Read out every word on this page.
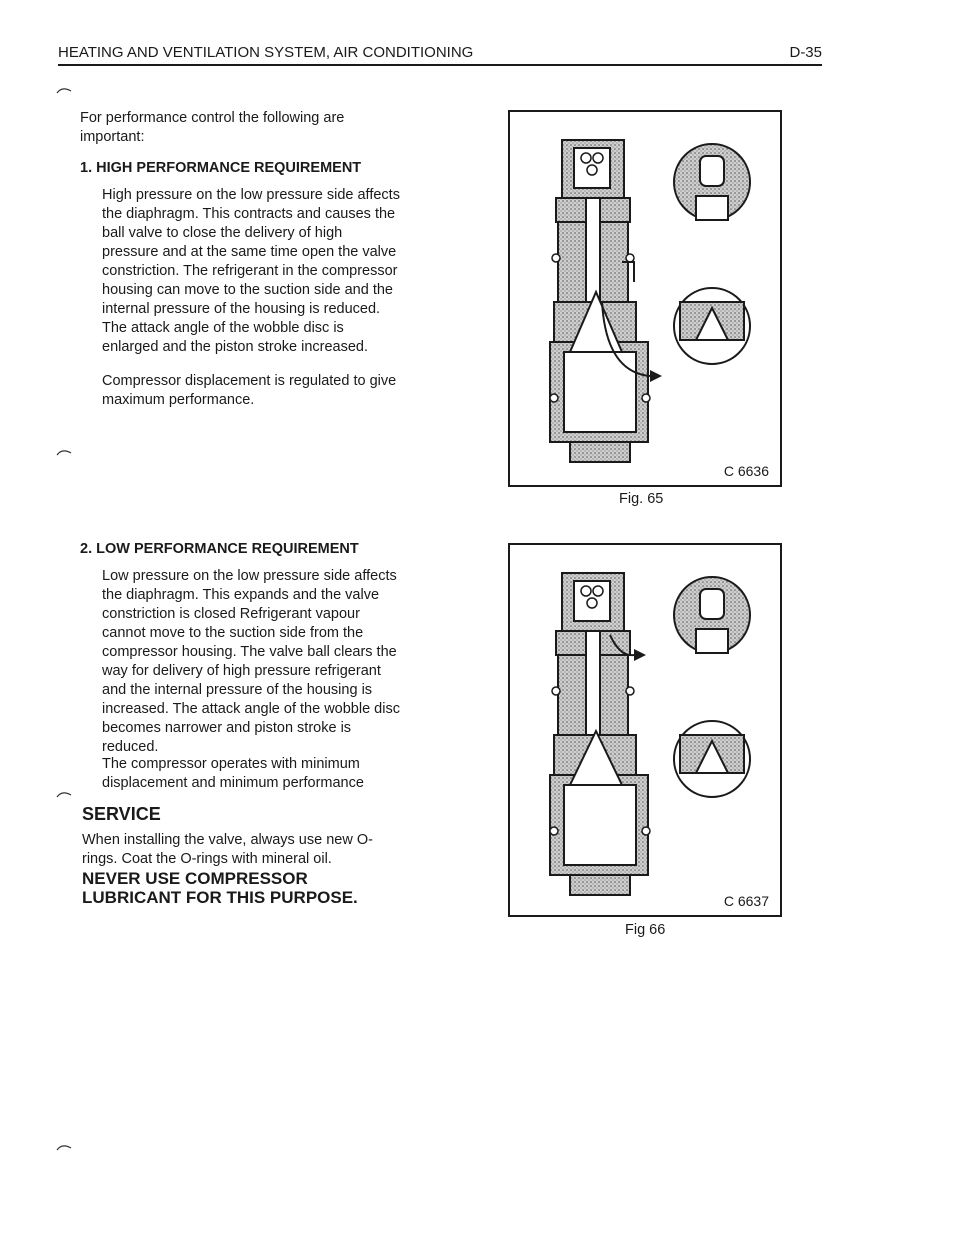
HEATING AND VENTILATION SYSTEM, AIR CONDITIONING	D-35
For performance control the following are important:
1. HIGH PERFORMANCE REQUIREMENT
High pressure on the low pressure side affects the diaphragm. This contracts and causes the ball valve to close the delivery of high pressure and at the same time open the valve constriction. The refrigerant in the compressor housing can move to the suction side and the internal pressure of the housing is reduced. The attack angle of the wobble disc is enlarged and the piston stroke increased.
Compressor displacement is regulated to give maximum performance.
2. LOW PERFORMANCE REQUIREMENT
Low pressure on the low pressure side affects the diaphragm. This expands and the valve constriction is closed Refrigerant vapour cannot move to the suction side from the compressor housing. The valve ball clears the way for delivery of high pressure refrigerant and the internal pressure of the housing is increased. The attack angle of the wobble disc becomes narrower and piston stroke is reduced.
The compressor operates with minimum displacement and minimum performance
SERVICE
When installing the valve, always use new O-rings. Coat the O-rings with mineral oil.
NEVER USE COMPRESSOR LUBRICANT FOR THIS PURPOSE.
C 6636
Fig. 65
C 6637
Fig 66
